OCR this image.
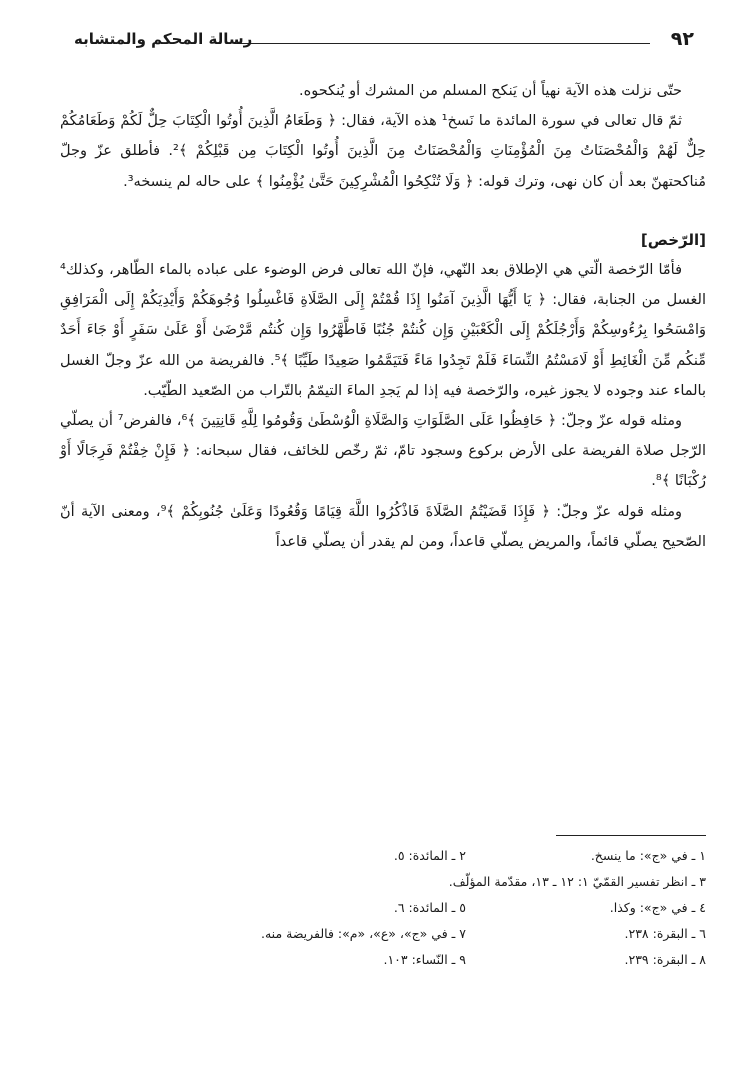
٩٢
رسالة المحكم والمتشابه

حتّى نزلت هذه الآية نهياً أن يَنكح المسلم من المشرك أو يُنكحوه.

ثمّ قال تعالى في سورة المائدة ما نَسخ¹ هذه الآية، فقال: ﴿ وَطَعَامُ الَّذِينَ أُوتُوا الْكِتَابَ حِلٌّ لَكُمْ وَطَعَامُكُمْ حِلٌّ لَهُمْ وَالْمُحْصَنَاتُ مِنَ الْمُؤْمِنَاتِ وَالْمُحْصَنَاتُ مِنَ الَّذِينَ أُوتُوا الْكِتَابَ مِن قَبْلِكُمْ ﴾². فأطلق عزّ وجلّ مُناكحتهنّ بعد أن كان نهى، وترك قوله: ﴿ وَلَا تُنْكِحُوا الْمُشْرِكِينَ حَتَّىٰ يُؤْمِنُوا ﴾ على حاله لم ينسخه³.

[الرّخص]

فأمّا الرّخصة الّتي هي الإطلاق بعد النّهي، فإنّ الله تعالى فرض الوضوء على عباده بالماء الطّاهر، وكذلك⁴ الغسل من الجنابة، فقال: ﴿ يَا أَيُّهَا الَّذِينَ آمَنُوا إِذَا قُمْتُمْ إِلَى الصَّلَاةِ فَاغْسِلُوا وُجُوهَكُمْ وَأَيْدِيَكُمْ إِلَى الْمَرَافِقِ وَامْسَحُوا بِرُءُوسِكُمْ وَأَرْجُلَكُمْ إِلَى الْكَعْبَيْنِ وَإِن كُنتُمْ جُنُبًا فَاطَّهَّرُوا وَإِن كُنتُم مَّرْضَىٰ أَوْ عَلَىٰ سَفَرٍ أَوْ جَاءَ أَحَدٌ مِّنكُم مِّنَ الْغَائِطِ أَوْ لَامَسْتُمُ النِّسَاءَ فَلَمْ تَجِدُوا مَاءً فَتَيَمَّمُوا صَعِيدًا طَيِّبًا ﴾⁵. فالفريضة من الله عزّ وجلّ الغسل بالماء عند وجوده لا يجوز غيره، والرّخصة فيه إذا لم يَجدِ الماءَ التيمّمُ بالتّراب من الصّعيد الطّيّب.

ومثله قوله عزّ وجلّ: ﴿ حَافِظُوا عَلَى الصَّلَوَاتِ وَالصَّلَاةِ الْوُسْطَىٰ وَقُومُوا لِلَّهِ قَانِتِينَ ﴾⁶، فالفرض⁷ أن يصلّي الرّجل صلاة الفريضة على الأرض بركوع وسجود تامّ، ثمّ رخّص للخائف، فقال سبحانه: ﴿ فَإِنْ خِفْتُمْ فَرِجَالًا أَوْ رُكْبَانًا ﴾⁸.

ومثله قوله عزّ وجلّ: ﴿ فَإِذَا قَضَيْتُمُ الصَّلَاةَ فَاذْكُرُوا اللَّهَ قِيَامًا وَقُعُودًا وَعَلَىٰ جُنُوبِكُمْ ﴾⁹، ومعنى الآية أنّ الصّحيح يصلّي قائماً، والمريض يصلّي قاعداً، ومن لم يقدر أن يصلّي قاعداً

١ ـ في «ج»: ما ينسخ.
٢ ـ المائدة: ٥.
٣ ـ انظر تفسير القمّيّ ١: ١٢ ـ ١٣، مقدّمة المؤلّف.
٤ ـ في «ج»: وكذا.
٥ ـ المائدة: ٦.
٦ ـ البقرة: ٢٣٨.
٧ ـ في «ج»، «ع»، «م»: فالفريضة منه.
٨ ـ البقرة: ٢٣٩.
٩ ـ النّساء: ١٠٣.
